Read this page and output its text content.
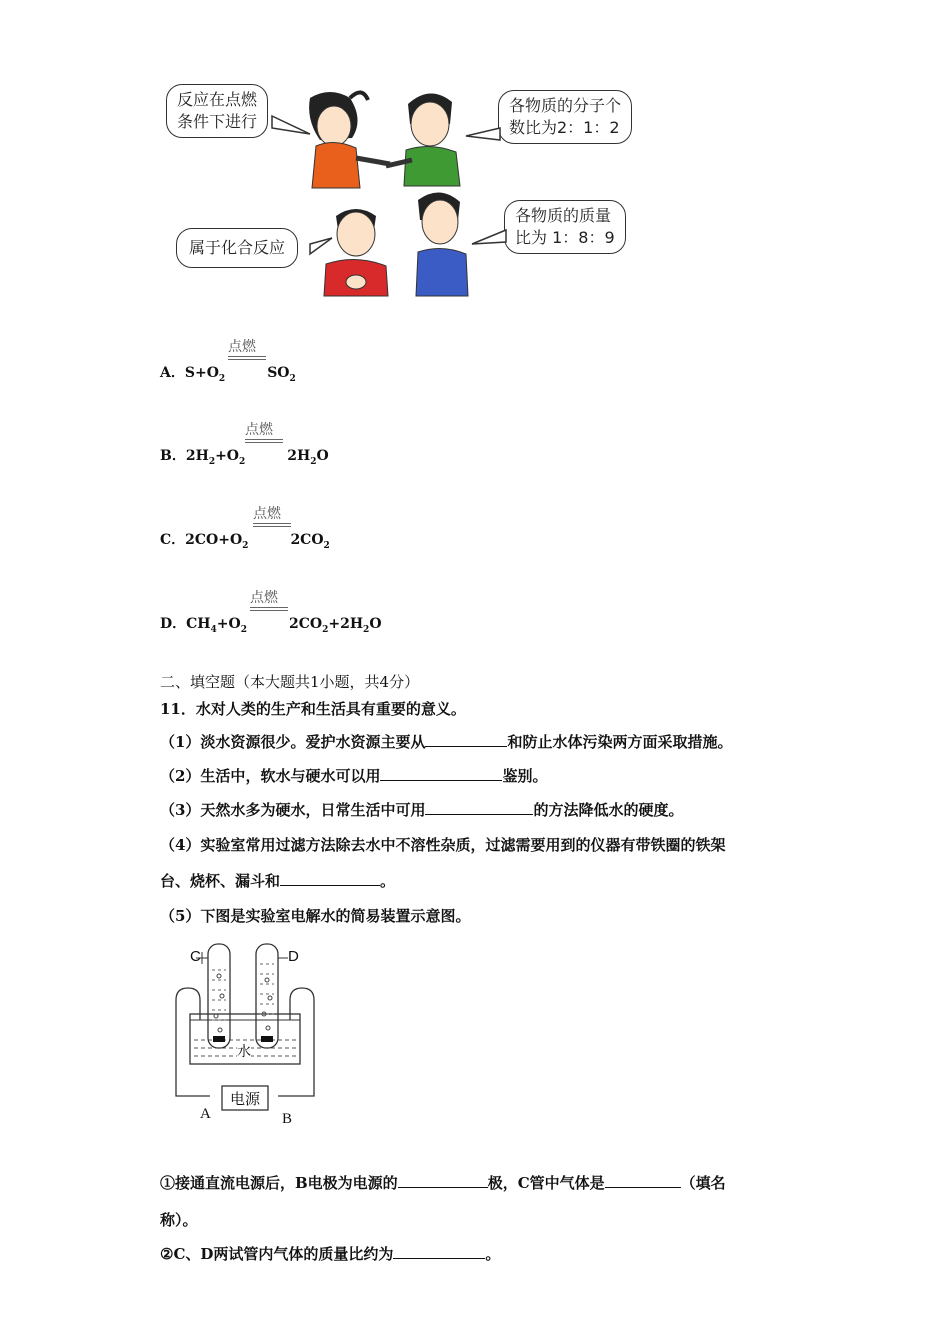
反应在点燃
条件下进行
各物质的分子个
数比为2：1：2
属于化合反应
各物质的质量
比为 1：8：9
点燃
A．$S+O_2$	$SO_2$
点燃
B．$2H_2+O_2$	$2H_2O$
点燃
C．$2CO+O_2$	$2CO_2$
点燃
D．$CH_4+O_2$	$2CO_2+2H_2O$
二、填空题（本大题共1小题，共4分）
11．水对人类的生产和生活具有重要的意义。
（1）淡水资源很少。爱护水资源主要从	和防止水体污染两方面采取措施。
（2）生活中，软水与硬水可以用	鉴别。
（3）天然水多为硬水，日常生活中可用	的方法降低水的硬度。
（4）实验室常用过滤方法除去水中不溶性杂质，过滤需要用到的仪器有带铁圈的铁架
台、烧杯、漏斗和	。
（5）下图是实验室电解水的简易装置示意图。
C	D
水
电源
A	B
①接通直流电源后，B电极为电源的	极，C管中气体是	（填名
称）。
②C、D两试管内气体的质量比约为	。
